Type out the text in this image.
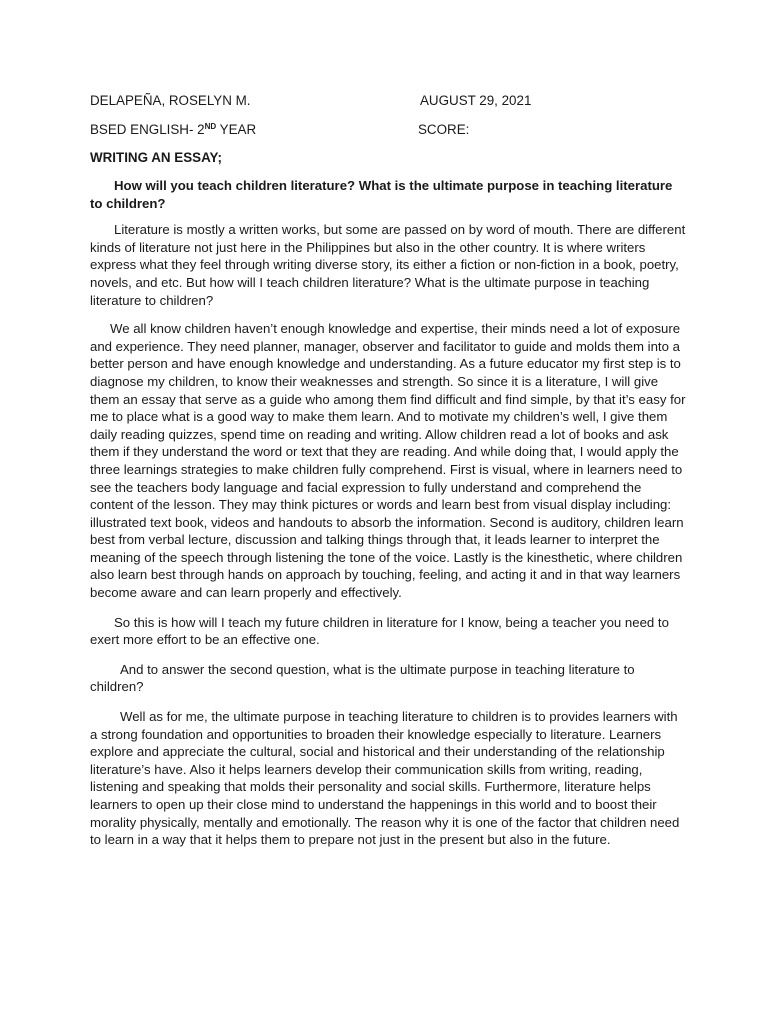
DELAPEÑA, ROSELYN M.	AUGUST 29, 2021
BSED ENGLISH- 2ND YEAR	SCORE:
WRITING AN ESSAY;

How will you teach children literature? What is the ultimate purpose in teaching literature to children?

Literature is mostly a written works, but some are passed on by word of mouth. There are different kinds of literature not just here in the Philippines but also in the other country. It is where writers express what they feel through writing diverse story, its either a fiction or non-fiction in a book, poetry, novels, and etc. But how will I teach children literature? What is the ultimate purpose in teaching literature to children?

We all know children haven’t enough knowledge and expertise, their minds need a lot of exposure and experience. They need planner, manager, observer and facilitator to guide and molds them into a better person and have enough knowledge and understanding. As a future educator my first step is to diagnose my children, to know their weaknesses and strength. So since it is a literature, I will give them an essay that serve as a guide who among them find difficult and find simple, by that it’s easy for me to place what is a good way to make them learn. And to motivate my children’s well, I give them daily reading quizzes, spend time on reading and writing. Allow children read a lot of books and ask them if they understand the word or text that they are reading. And while doing that, I would apply the three learnings strategies to make children fully comprehend. First is visual, where in learners need to see the teachers body language and facial expression to fully understand and comprehend the content of the lesson. They may think pictures or words and learn best from visual display including: illustrated text book, videos and handouts to absorb the information. Second is auditory, children learn best from verbal lecture, discussion and talking things through that, it leads learner to interpret the meaning of the speech through listening the tone of the voice. Lastly is the kinesthetic, where children also learn best through hands on approach by touching, feeling, and acting it and in that way learners become aware and can learn properly and effectively.

So this is how will I teach my future children in literature for I know, being a teacher you need to exert more effort to be an effective one.

And to answer the second question, what is the ultimate purpose in teaching literature to children?

Well as for me, the ultimate purpose in teaching literature to children is to provides learners with a strong foundation and opportunities to broaden their knowledge especially to literature. Learners explore and appreciate the cultural, social and historical and their understanding of the relationship literature’s have. Also it helps learners develop their communication skills from writing, reading, listening and speaking that molds their personality and social skills. Furthermore, literature helps learners to open up their close mind to understand the happenings in this world and to boost their morality physically, mentally and emotionally. The reason why it is one of the factor that children need to learn in a way that it helps them to prepare not just in the present but also in the future.
